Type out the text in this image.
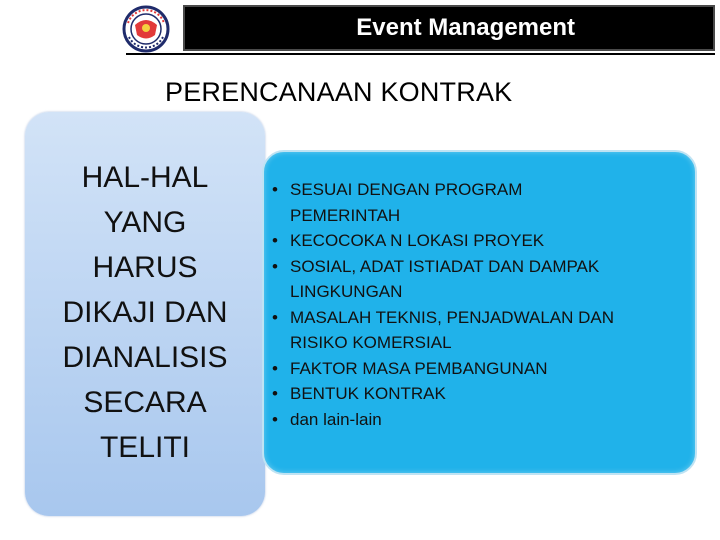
Event Management
PERENCANAAN KONTRAK
HAL-HAL
YANG
HARUS
DIKAJI DAN
DIANALISIS
SECARA
TELITI
• SESUAI DENGAN PROGRAM
PEMERINTAH
• KECOCOKA N LOKASI PROYEK
• SOSIAL, ADAT ISTIADAT DAN DAMPAK
LINGKUNGAN
• MASALAH TEKNIS, PENJADWALAN DAN
RISIKO KOMERSIAL
• FAKTOR MASA PEMBANGUNAN
• BENTUK KONTRAK
• dan lain-lain
